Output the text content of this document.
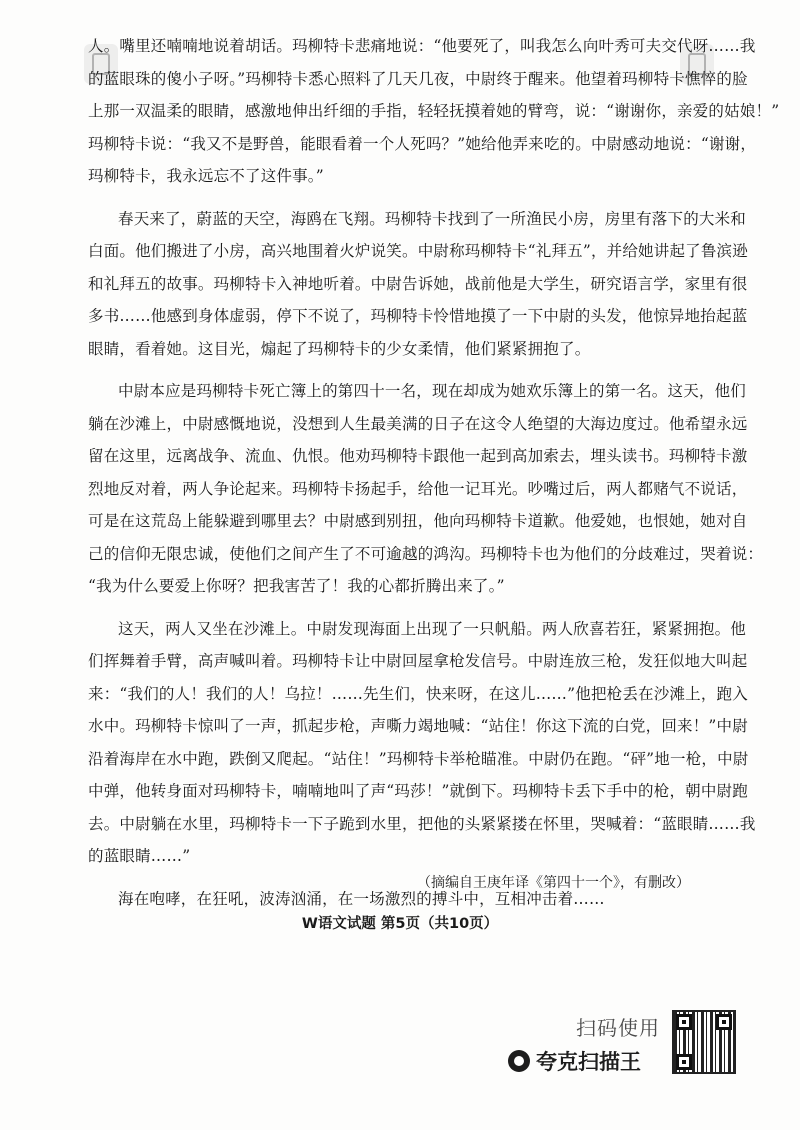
人。嘴里还喃喃地说着胡话。玛柳特卡悲痛地说：“他要死了，叫我怎么向叶秀可夫交代呀……我
的蓝眼珠的傻小子呀。”玛柳特卡悉心照料了几天几夜，中尉终于醒来。他望着玛柳特卡憔悴的脸
上那一双温柔的眼睛，感激地伸出纤细的手指，轻轻抚摸着她的臂弯，说：“谢谢你，亲爱的姑娘！”
玛柳特卡说：“我又不是野兽，能眼看着一个人死吗？”她给他弄来吃的。中尉感动地说：“谢谢，
玛柳特卡，我永远忘不了这件事。”
春天来了，蔚蓝的天空，海鸥在飞翔。玛柳特卡找到了一所渔民小房，房里有落下的大米和
白面。他们搬进了小房，高兴地围着火炉说笑。中尉称玛柳特卡“礼拜五”，并给她讲起了鲁滨逊
和礼拜五的故事。玛柳特卡入神地听着。中尉告诉她，战前他是大学生，研究语言学，家里有很
多书……他感到身体虚弱，停下不说了，玛柳特卡怜惜地摸了一下中尉的头发，他惊异地抬起蓝
眼睛，看着她。这目光，煽起了玛柳特卡的少女柔情，他们紧紧拥抱了。
中尉本应是玛柳特卡死亡簿上的第四十一名，现在却成为她欢乐簿上的第一名。这天，他们
躺在沙滩上，中尉感慨地说，没想到人生最美满的日子在这令人绝望的大海边度过。他希望永远
留在这里，远离战争、流血、仇恨。他劝玛柳特卡跟他一起到高加索去，埋头读书。玛柳特卡激
烈地反对着，两人争论起来。玛柳特卡扬起手，给他一记耳光。吵嘴过后，两人都赌气不说话，
可是在这荒岛上能躲避到哪里去？中尉感到别扭，他向玛柳特卡道歉。他爱她，也恨她，她对自
己的信仰无限忠诚，使他们之间产生了不可逾越的鸿沟。玛柳特卡也为他们的分歧难过，哭着说：
“我为什么要爱上你呀？把我害苦了！我的心都折腾出来了。”
这天，两人又坐在沙滩上。中尉发现海面上出现了一只帆船。两人欣喜若狂，紧紧拥抱。他
们挥舞着手臂，高声喊叫着。玛柳特卡让中尉回屋拿枪发信号。中尉连放三枪，发狂似地大叫起
来：“我们的人！我们的人！乌拉！……先生们，快来呀，在这儿……”他把枪丢在沙滩上，跑入
水中。玛柳特卡惊叫了一声，抓起步枪，声嘶力竭地喊：“站住！你这下流的白党，回来！”中尉
沿着海岸在水中跑，跌倒又爬起。“站住！”玛柳特卡举枪瞄准。中尉仍在跑。“砰”地一枪，中尉
中弹，他转身面对玛柳特卡，喃喃地叫了声“玛莎！”就倒下。玛柳特卡丢下手中的枪，朝中尉跑
去。中尉躺在水里，玛柳特卡一下子跪到水里，把他的头紧紧搂在怀里，哭喊着：“蓝眼睛……我
的蓝眼睛……”
海在咆哮，在狂吼，波涛汹涌，在一场激烈的搏斗中，互相冲击着……
（摘编自王庚年译《第四十一个》，有删改）
W语文试题 第5页（共10页）
扫码使用
夸克扫描王
